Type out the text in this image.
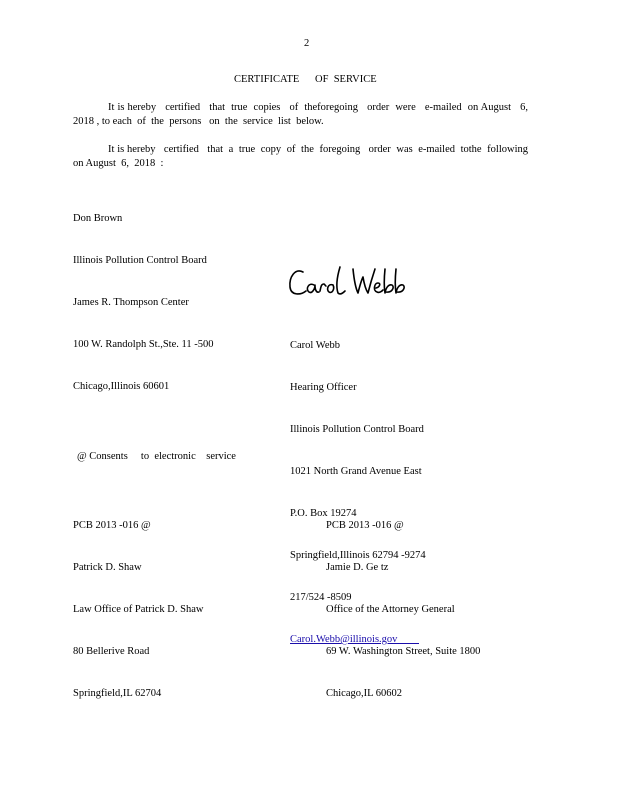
2
CERTIFICATE      OF  SERVICE
It is hereby   certified   that  true  copies   of  theforegoing   order  were   e-mailed  on August   6, 2018 , to each  of  the  persons   on  the  service  list  below.
It is hereby   certified   that  a  true  copy  of  the  foregoing   order  was  e-mailed  tothe  following on August  6,  2018  :

Don Brown

Illinois Pollution Control Board

James R. Thompson Center

100 W. Randolph St.,Ste. 11 -500

Chicago,Illinois 60601

Carol Webb

Hearing Officer

Illinois Pollution Control Board

1021 North Grand Avenue East

P.O. Box 19274

Springfield,Illinois 62794 -9274

217/524 -8509

Carol.Webb@illinois.gov

@ Consents     to  electronic    service

PCB 2013 -016 @

Patrick D. Shaw

Law Office of Patrick D. Shaw

80 Bellerive Road

Springfield,IL 62704

PCB 2013 -016 @

Jamie D. Ge tz

Office of the Attorney General

69 W. Washington Street, Suite 1800

Chicago,IL 60602
